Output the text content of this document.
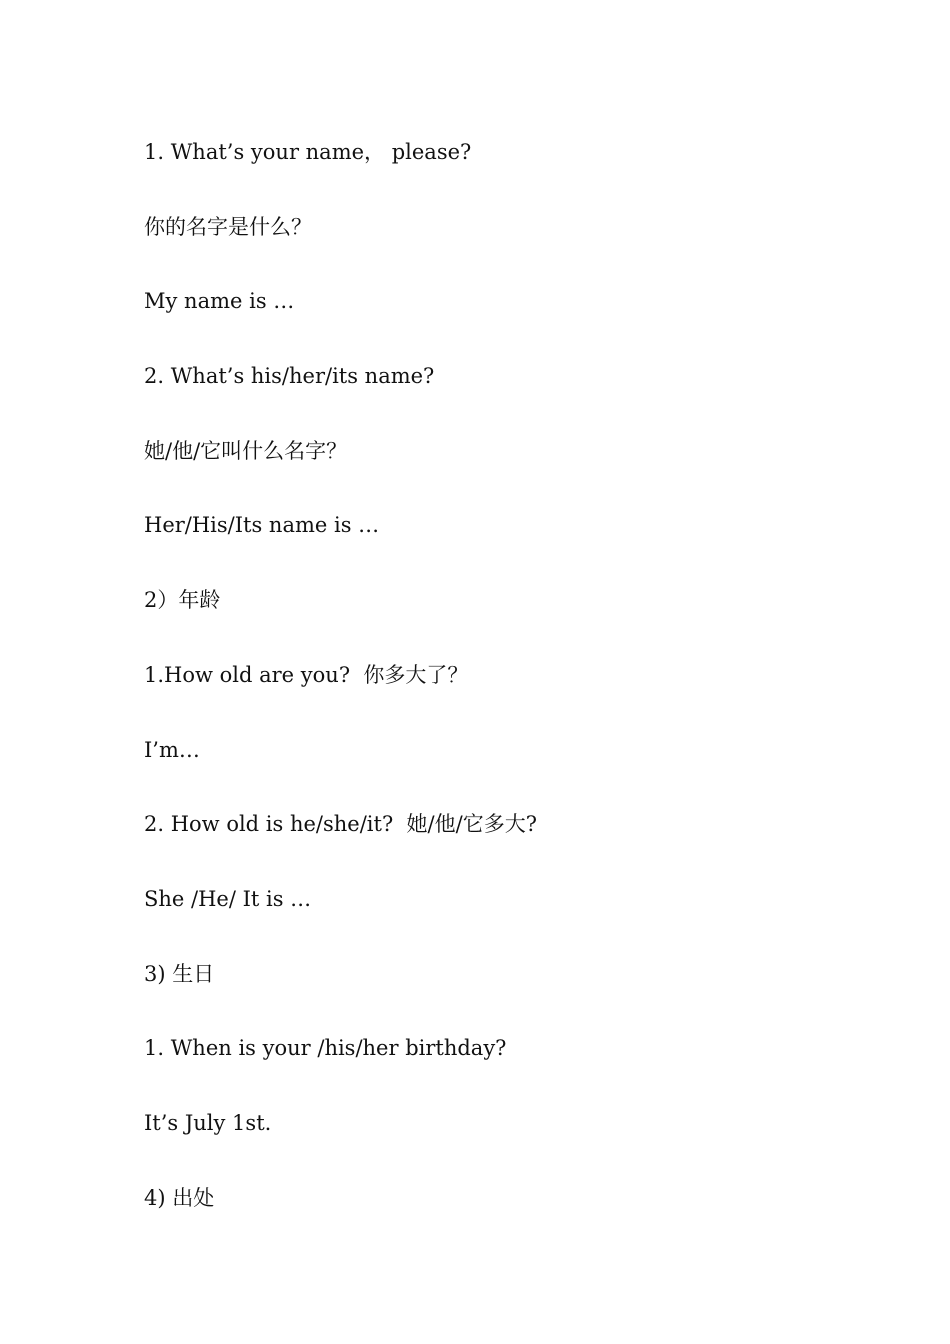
1. What’s your name， please?

你的名字是什么？

My name is …

2. What’s his/her/its name?

她/他/它叫什么名字？

Her/His/Its name is …

2）年龄

1.How old are you?  你多大了？

I’m…

2. How old is he/she/it?  她/他/它多大?

She /He/ It is …

3) 生日

1. When is your /his/her birthday?

It’s July 1st.

4) 出处
